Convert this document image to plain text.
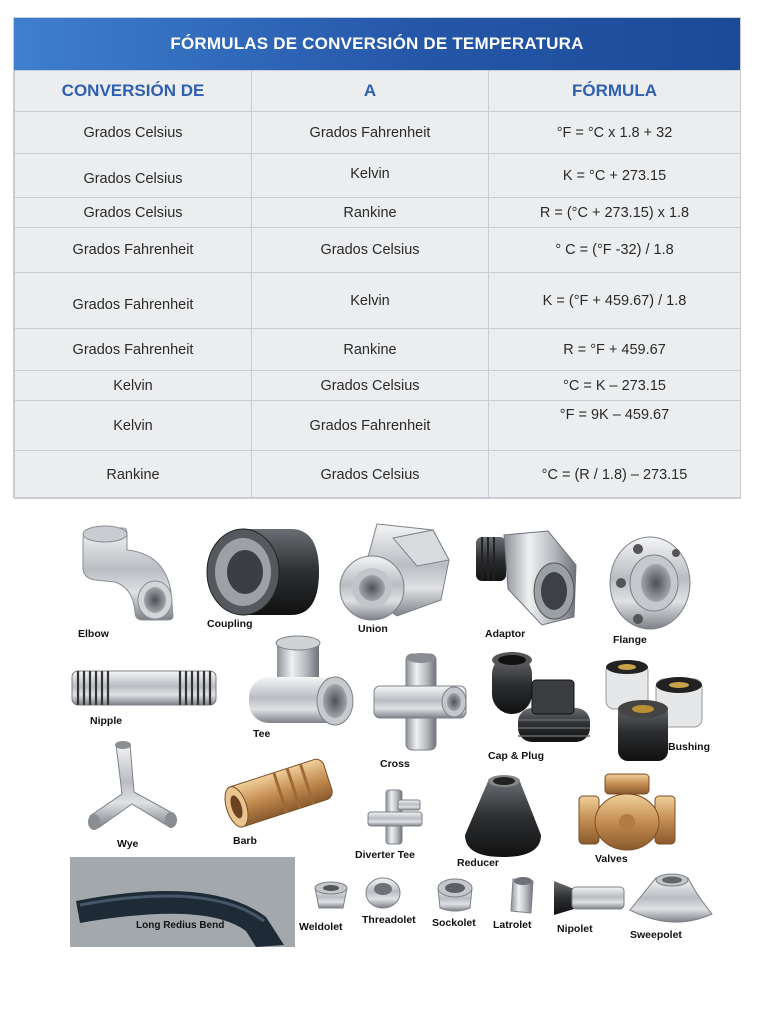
FÓRMULAS DE CONVERSIÓN DE TEMPERATURA
CONVERSIÓN DE	A	FÓRMULA
Grados Celsius	Grados Fahrenheit	°F = °C x 1.8 + 32
Grados Celsius	Kelvin	K = °C + 273.15
Grados Celsius	Rankine	R = (°C + 273.15) x 1.8
Grados Fahrenheit	Grados Celsius	° C = (°F -32) / 1.8
Grados Fahrenheit	Kelvin	K = (°F + 459.67) / 1.8
Grados Fahrenheit	Rankine	R = °F + 459.67
Kelvin	Grados Celsius	°C = K – 273.15
Kelvin	Grados Fahrenheit	°F = 9K – 459.67
Rankine	Grados Celsius	°C = (R / 1.8) – 273.15
Elbow
Coupling	Union	Adaptor	Flange
Nipple
Tee
Cross
Cap & Plug
Bushing
Wye	Barb
Diverter Tee
Reducer	Valves
Long Redius Bend	Weldolet
Threadolet Sockolet Latrolet Nipolet	Sweepolet
